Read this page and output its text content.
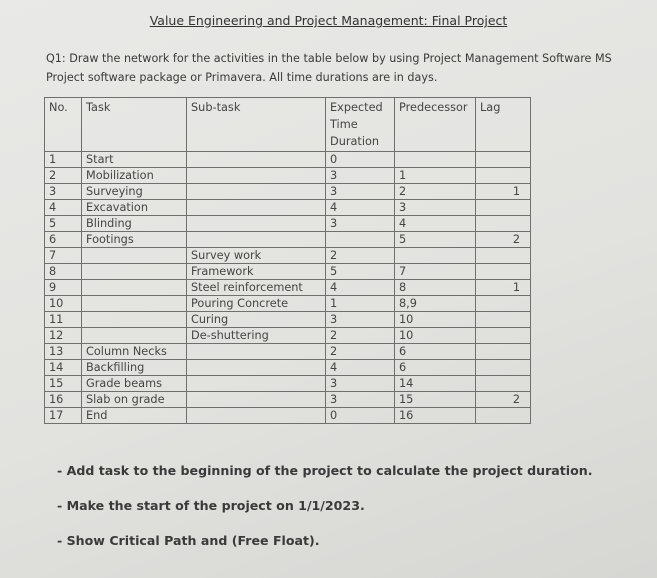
Value Engineering and Project Management: Final Project
Q1: Draw the network for the activities in the table below by using Project Management Software MS Project software package or Primavera. All time durations are in days.
No.	Task	Sub-task	Expected Time Duration	Predecessor	Lag
1	Start		0		
2	Mobilization		3	1	
3	Surveying		3	2	1
4	Excavation		4	3	
5	Blinding		3	4	
6	Footings			5	2
7		Survey work	2		
8		Framework	5	7	
9		Steel reinforcement	4	8	1
10		Pouring Concrete	1	8,9	
11		Curing	3	10	
12		De-shuttering	2	10	
13	Column Necks		2	6	
14	Backfilling		4	6	
15	Grade beams		3	14	
16	Slab on grade		3	15	2
17	End		0	16	
- Add task to the beginning of the project to calculate the project duration.
- Make the start of the project on 1/1/2023.
- Show Critical Path and (Free Float).
